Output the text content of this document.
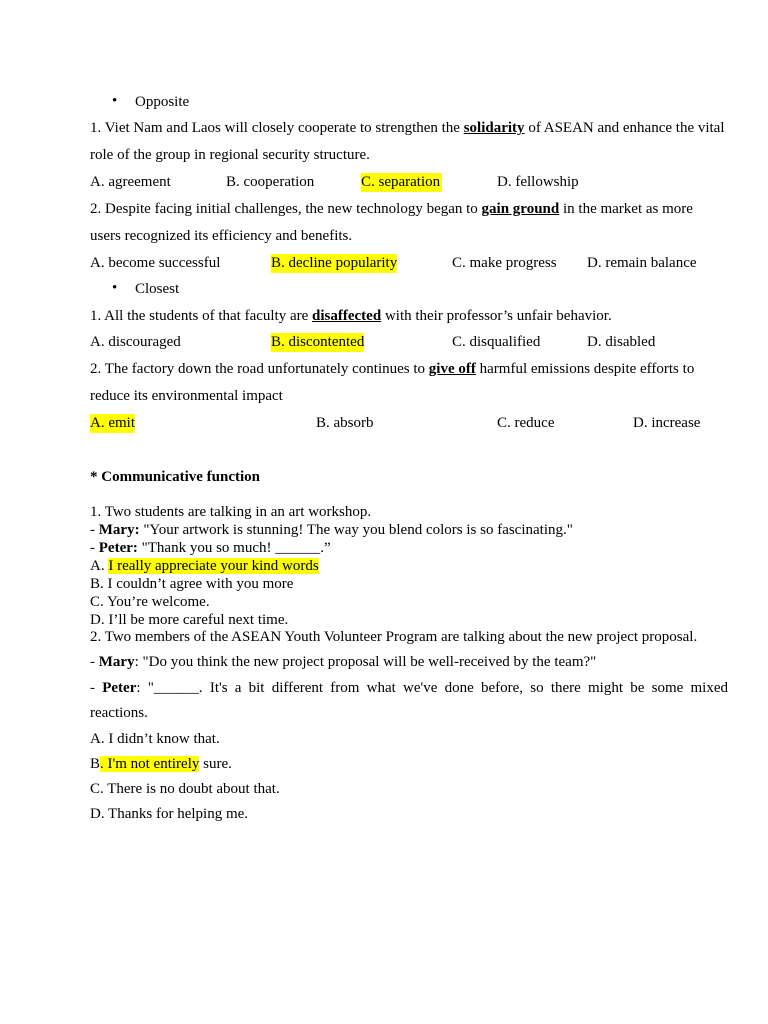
• Opposite
1. Viet Nam and Laos will closely cooperate to strengthen the solidarity of ASEAN and enhance the vital
role of the group in regional security structure.
A. agreement	B. cooperation	C. separation	D. fellowship
2. Despite facing initial challenges, the new technology began to gain ground in the market as more
users recognized its efficiency and benefits.
A. become successful	B. decline popularity	C. make progress D. remain balance
• Closest
1. All the students of that faculty are disaffected with their professor’s unfair behavior.
A. discouraged	B. discontented	C. disqualified	D. disabled
2. The factory down the road unfortunately continues to give off harmful emissions despite efforts to
reduce its environmental impact
A. emit	B. absorb	C. reduce	D. increase
* Communicative function
1. Two students are talking in an art workshop.
- Mary: "Your artwork is stunning! The way you blend colors is so fascinating."
- Peter: "Thank you so much! ______.”
A. I really appreciate your kind words
B. I couldn’t agree with you more
C. You’re welcome.
D. I’ll be more careful next time.
2. Two members of the ASEAN Youth Volunteer Program are talking about the new project proposal.
- Mary: "Do you think the new project proposal will be well-received by the team?"
- Peter: "______. It's a bit different from what we've done before, so there might be some mixed
reactions.
A. I didn’t know that.
B. I'm not entirely sure.
C. There is no doubt about that.
D. Thanks for helping me.
